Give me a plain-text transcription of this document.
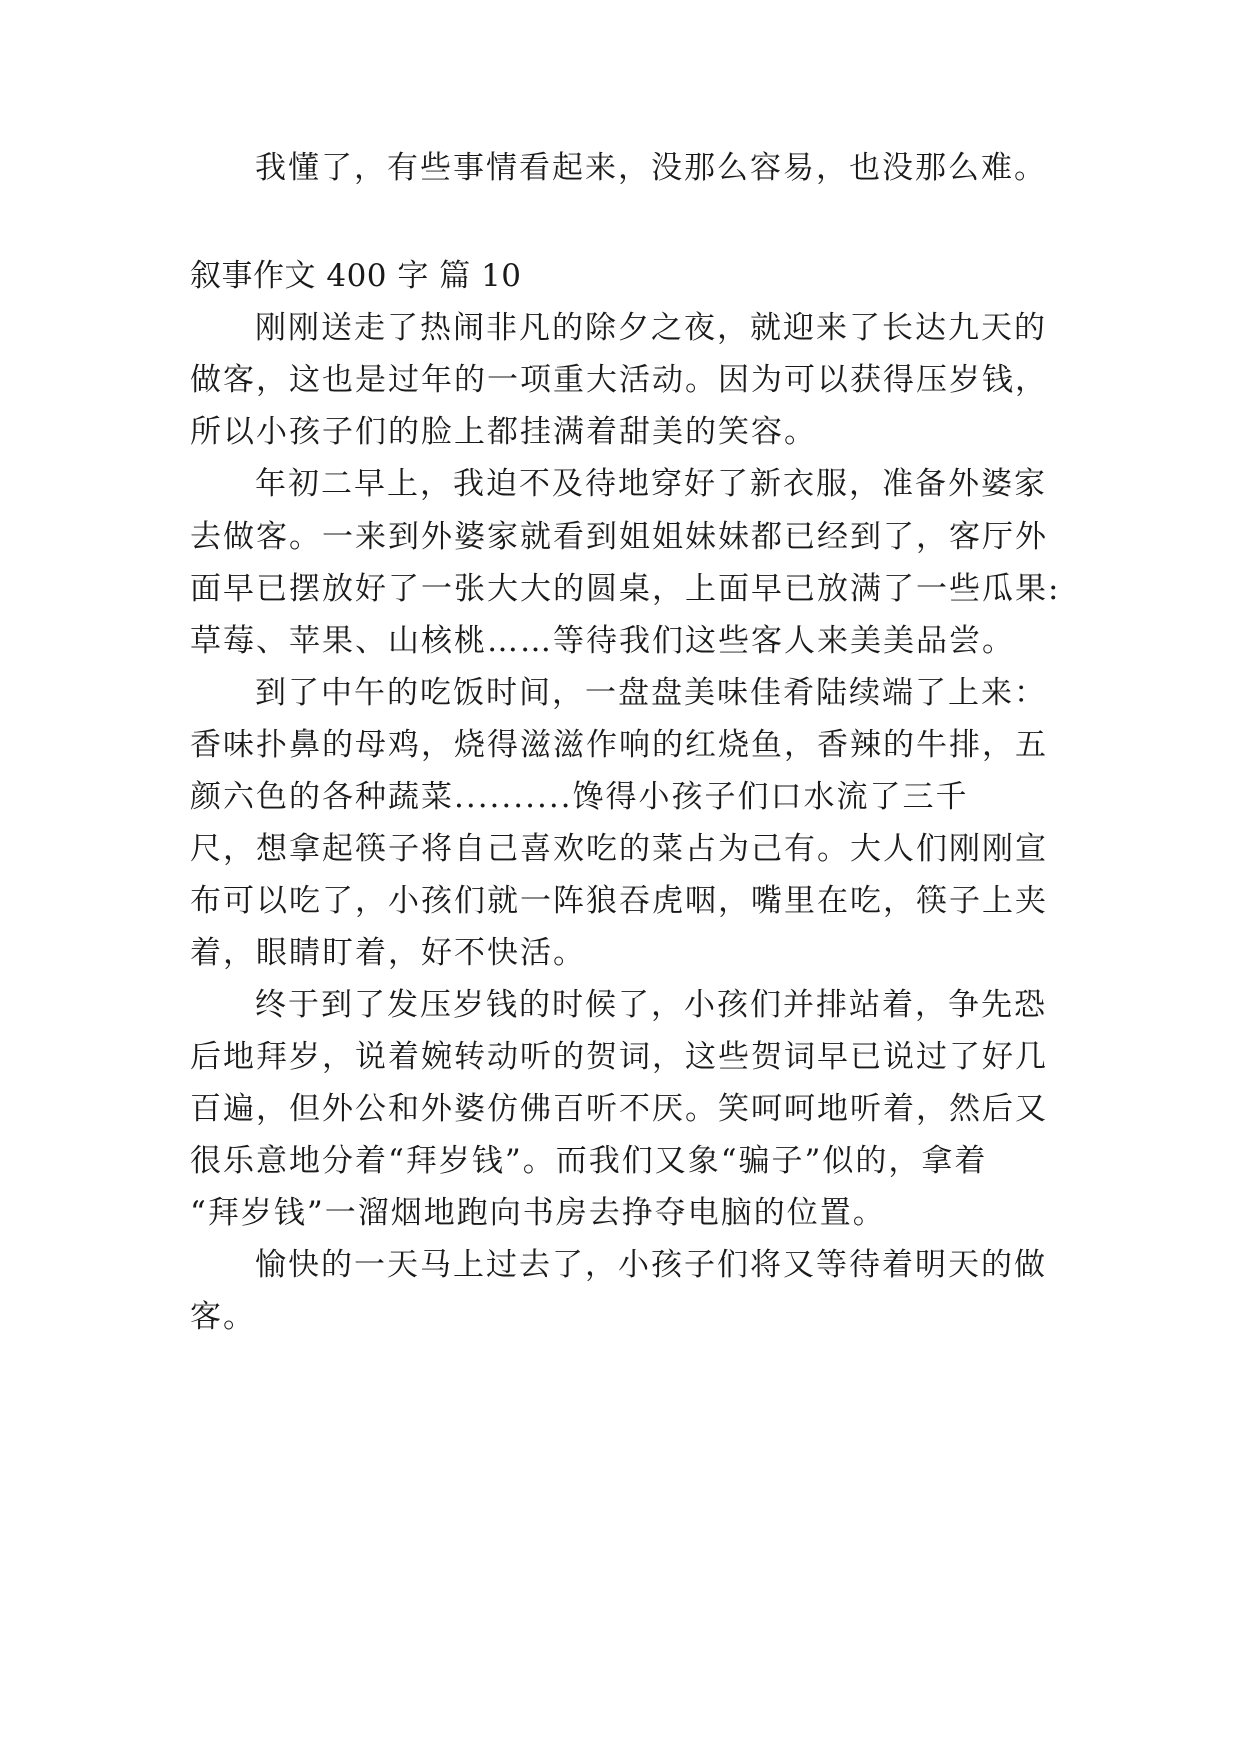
我懂了，有些事情看起来，没那么容易，也没那么难。
叙事作文 400 字 篇 10
刚刚送走了热闹非凡的除夕之夜，就迎来了长达九天的
做客，这也是过年的一项重大活动。因为可以获得压岁钱，
所以小孩子们的脸上都挂满着甜美的笑容。
年初二早上，我迫不及待地穿好了新衣服，准备外婆家
去做客。一来到外婆家就看到姐姐妹妹都已经到了，客厅外
面早已摆放好了一张大大的圆桌，上面早已放满了一些瓜果:
草莓、苹果、山核桃……等待我们这些客人来美美品尝。
到了中午的吃饭时间，一盘盘美味佳肴陆续端了上来：
香味扑鼻的母鸡，烧得滋滋作响的红烧鱼，香辣的牛排，五
颜六色的各种蔬菜..........馋得小孩子们口水流了三千
尺，想拿起筷子将自己喜欢吃的菜占为己有。大人们刚刚宣
布可以吃了，小孩们就一阵狼吞虎咽，嘴里在吃，筷子上夹
着，眼睛盯着，好不快活。
终于到了发压岁钱的时候了，小孩们并排站着，争先恐
后地拜岁，说着婉转动听的贺词，这些贺词早已说过了好几
百遍，但外公和外婆仿佛百听不厌。笑呵呵地听着，然后又
很乐意地分着“拜岁钱”。而我们又象“骗子”似的，拿着
“拜岁钱”一溜烟地跑向书房去挣夺电脑的位置。
愉快的一天马上过去了，小孩子们将又等待着明天的做
客。
